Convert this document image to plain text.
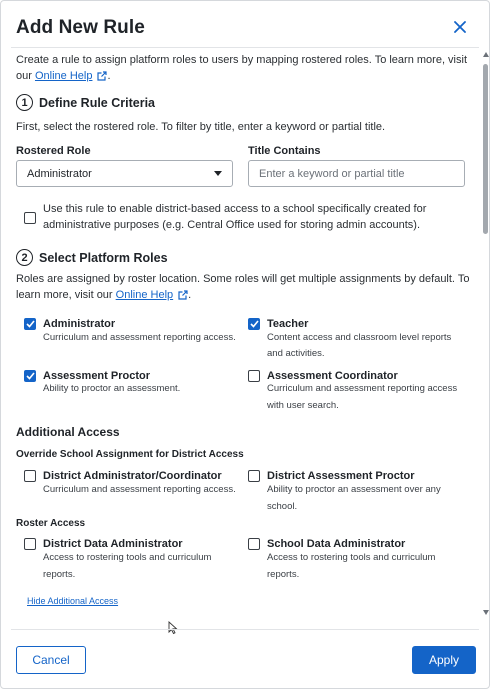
Add New Rule
Create a rule to assign platform roles to users by mapping rostered roles. To learn more, visit
our Online Help .
1 Define Rule Criteria
First, select the rostered role. To filter by title, enter a keyword or partial title.
Rostered Role
Administrator
Title Contains
Enter a keyword or partial title
Use this rule to enable district-based access to a school specifically created for
administrative purposes (e.g. Central Office used for storing admin accounts).
2 Select Platform Roles
Roles are assigned by roster location. Some roles will get multiple assignments by default. To
learn more, visit our Online Help .
Administrator
Curriculum and assessment reporting access.
Teacher
Content access and classroom level reports
and activities.
Assessment Proctor
Ability to proctor an assessment.
Assessment Coordinator
Curriculum and assessment reporting access
with user search.
Additional Access
Override School Assignment for District Access
District Administrator/Coordinator
Curriculum and assessment reporting access.
District Assessment Proctor
Ability to proctor an assessment over any
school.
Roster Access
District Data Administrator
Access to rostering tools and curriculum
reports.
School Data Administrator
Access to rostering tools and curriculum
reports.
Hide Additional Access
Cancel	Apply
